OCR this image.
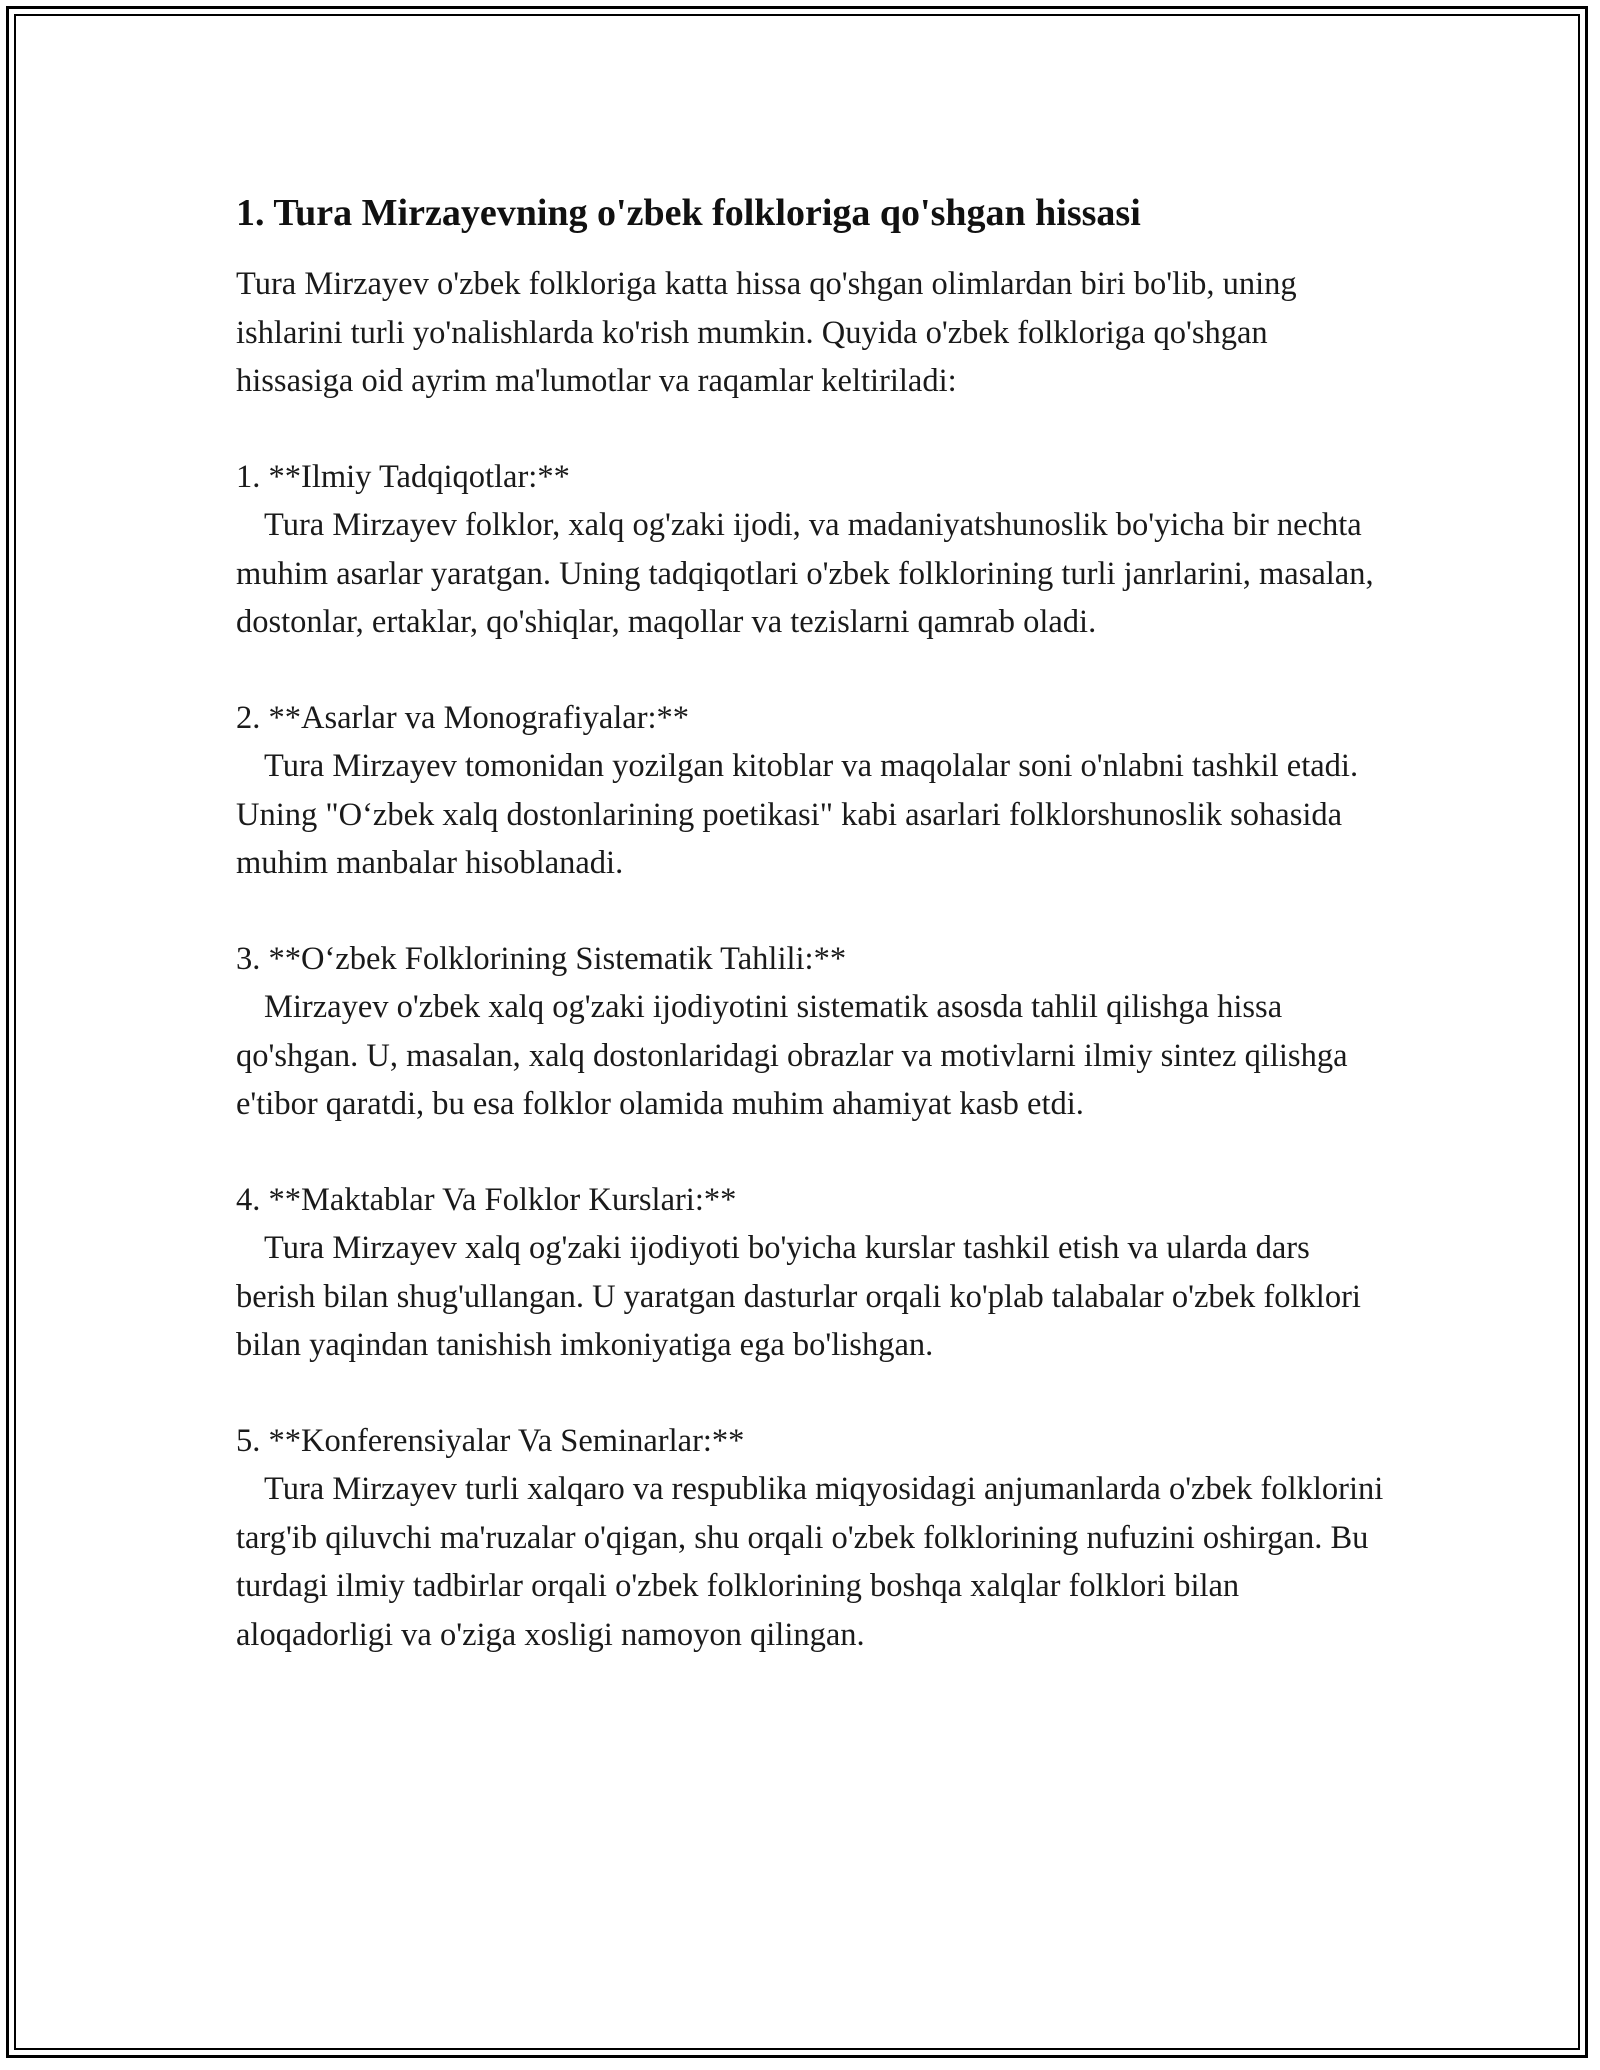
1. Tura Mirzayevning o'zbek folkloriga qo'shgan hissasi

Tura Mirzayev o'zbek folkloriga katta hissa qo'shgan olimlardan biri bo'lib, uning ishlarini turli yo'nalishlarda ko'rish mumkin. Quyida o'zbek folkloriga qo'shgan hissasiga oid ayrim ma'lumotlar va raqamlar keltiriladi:

1. **Ilmiy Tadqiqotlar:**

Tura Mirzayev folklor, xalq og'zaki ijodi, va madaniyatshunoslik bo'yicha bir nechta muhim asarlar yaratgan. Uning tadqiqotlari o'zbek folklorining turli janrlarini, masalan, dostonlar, ertaklar, qo'shiqlar, maqollar va tezislarni qamrab oladi.

2. **Asarlar va Monografiyalar:**

Tura Mirzayev tomonidan yozilgan kitoblar va maqolalar soni o'nlabni tashkil etadi. Uning "O‘zbek xalq dostonlarining poetikasi" kabi asarlari folklorshunoslik sohasida muhim manbalar hisoblanadi.

3. **O‘zbek Folklorining Sistematik Tahlili:**

Mirzayev o'zbek xalq og'zaki ijodiyotini sistematik asosda tahlil qilishga hissa qo'shgan. U, masalan, xalq dostonlaridagi obrazlar va motivlarni ilmiy sintez qilishga e'tibor qaratdi, bu esa folklor olamida muhim ahamiyat kasb etdi.

4. **Maktablar Va Folklor Kurslari:**

Tura Mirzayev xalq og'zaki ijodiyoti bo'yicha kurslar tashkil etish va ularda dars berish bilan shug'ullangan. U yaratgan dasturlar orqali ko'plab talabalar o'zbek folklori bilan yaqindan tanishish imkoniyatiga ega bo'lishgan.

5. **Konferensiyalar Va Seminarlar:**

Tura Mirzayev turli xalqaro va respublika miqyosidagi anjumanlarda o'zbek folklorini targ'ib qiluvchi ma'ruzalar o'qigan, shu orqali o'zbek folklorining nufuzini oshirgan. Bu turdagi ilmiy tadbirlar orqali o'zbek folklorining boshqa xalqlar folklori bilan aloqadorligi va o'ziga xosligi namoyon qilingan.
